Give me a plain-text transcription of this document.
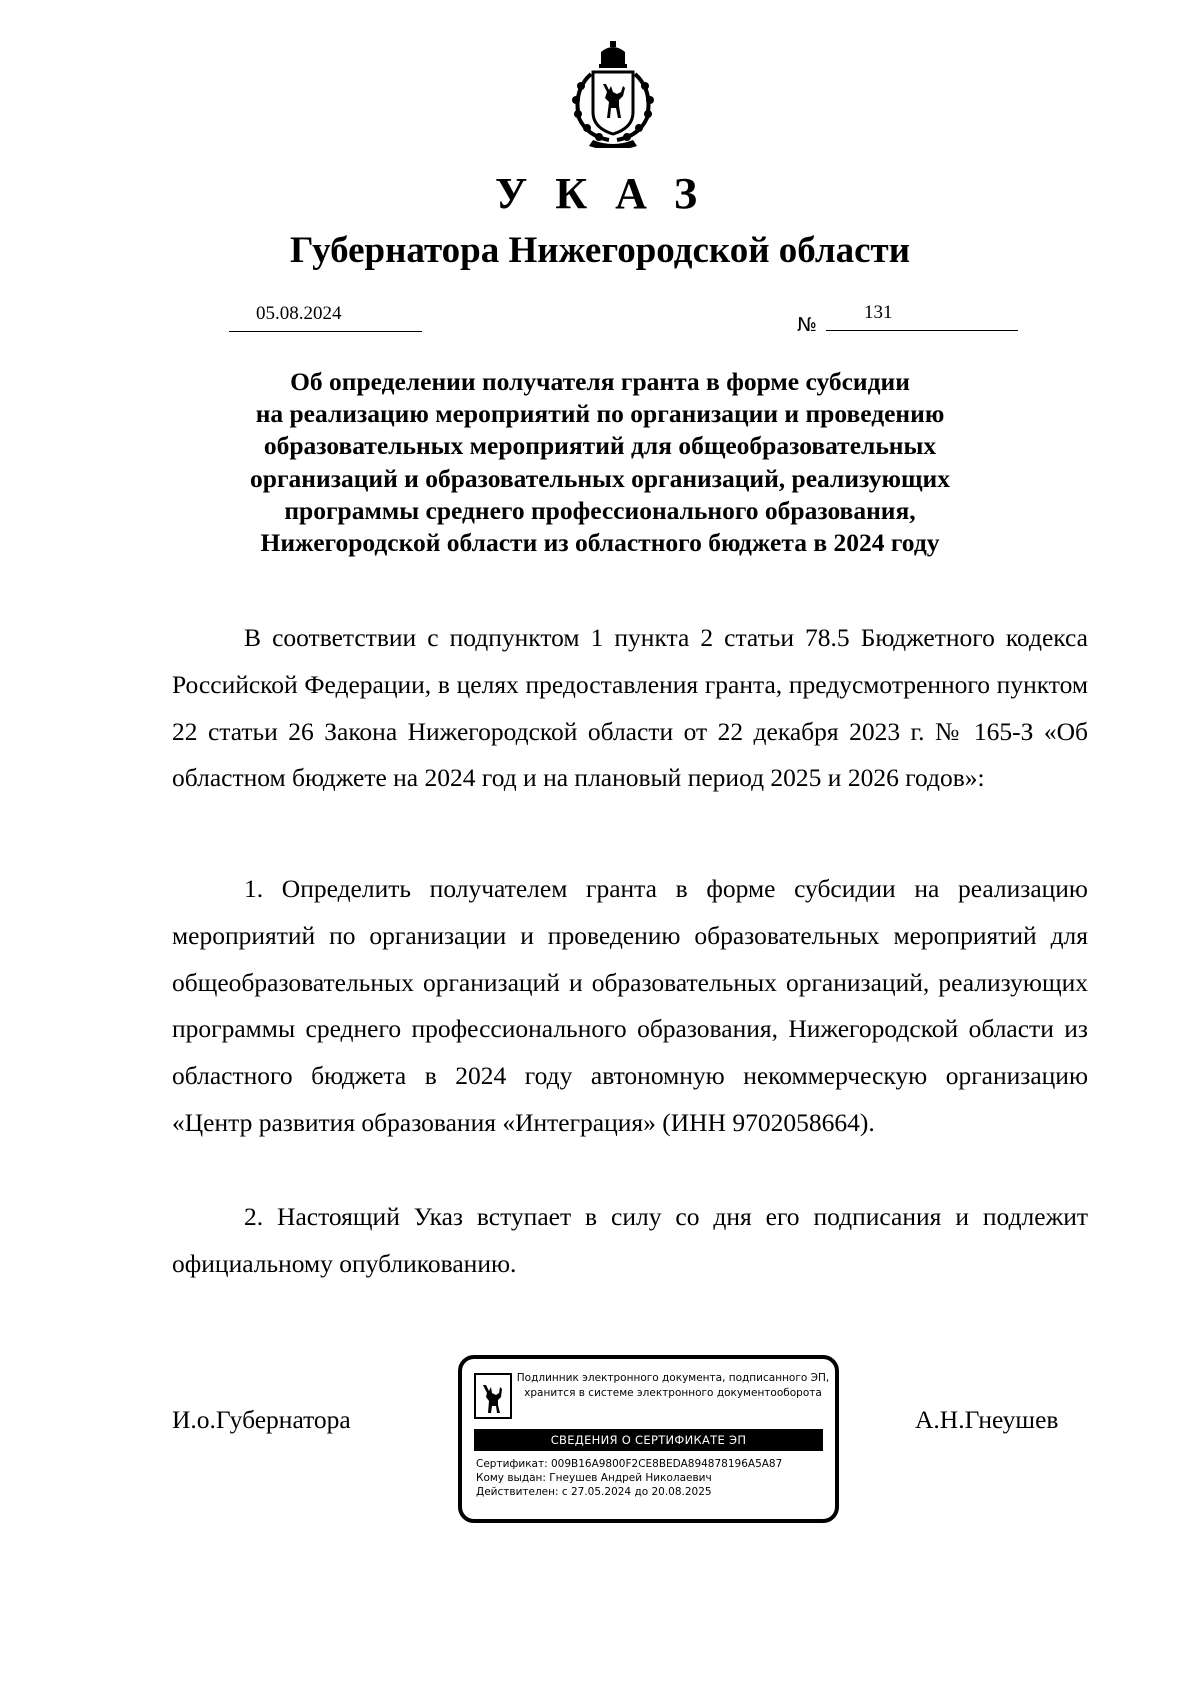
УКАЗ
Губернатора Нижегородской области
05.08.2024
№
131
Об определении получателя гранта в форме субсидии
на реализацию мероприятий по организации и проведению
образовательных мероприятий для общеобразовательных
организаций и образовательных организаций, реализующих
программы среднего профессионального образования,
Нижегородской области из областного бюджета в 2024 году
В соответствии с подпунктом 1 пункта 2 статьи 78.5 Бюджетного кодекса Российской Федерации, в целях предоставления гранта, предусмотренного пунктом 22 статьи 26 Закона Нижегородской области от 22 декабря 2023 г. № 165-З «Об областном бюджете на 2024 год и на плановый период 2025 и 2026 годов»:
1. Определить получателем гранта в форме субсидии на реализацию мероприятий по организации и проведению образовательных мероприятий для общеобразовательных организаций и образовательных организаций, реализующих программы среднего профессионального образования, Нижегородской области из областного бюджета в 2024 году автономную некоммерческую организацию «Центр развития образования «Интеграция» (ИНН 9702058664).
2. Настоящий Указ вступает в силу со дня его подписания и подлежит официальному опубликованию.
И.о.Губернатора	А.Н.Гнеушев
Подлинник электронного документа, подписанного ЭП,
хранится в системе электронного документооборота
СВЕДЕНИЯ О СЕРТИФИКАТЕ ЭП
Сертификат: 009B16A9800F2CE8BEDA894878196A5A87
Кому выдан: Гнеушев Андрей Николаевич
Действителен: с 27.05.2024 до 20.08.2025
